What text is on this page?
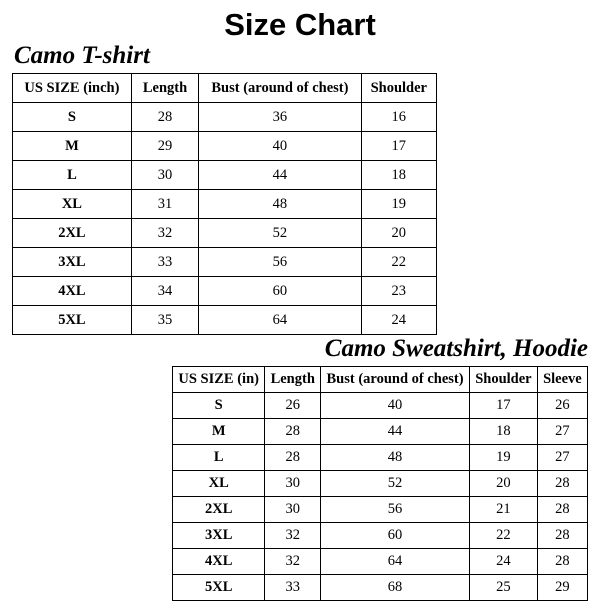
Size Chart
Camo T-shirt
US SIZE (inch)	Length	Bust (around of chest)	Shoulder
S	28	36	16
M	29	40	17
L	30	44	18
XL	31	48	19
2XL	32	52	20
3XL	33	56	22
4XL	34	60	23
5XL	35	64	24
Camo Sweatshirt, Hoodie
US SIZE (in)	Length	Bust (around of chest)	Shoulder	Sleeve
S	26	40	17	26
M	28	44	18	27
L	28	48	19	27
XL	30	52	20	28
2XL	30	56	21	28
3XL	32	60	22	28
4XL	32	64	24	28
5XL	33	68	25	29
